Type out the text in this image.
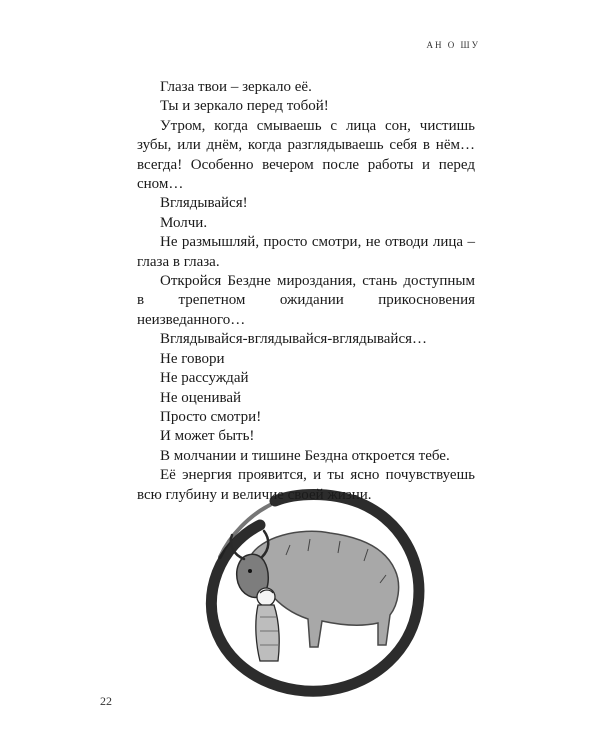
АН О ШУ

Глаза твои – зеркало её.

Ты и зеркало перед тобой!

Утром, когда смываешь с лица сон, чистишь зубы, или днём, когда разглядываешь себя в нём… всегда! Особенно вечером после работы и перед сном…

Вглядывайся!

Молчи.

Не размышляй, просто смотри, не отводи лица – глаза в глаза.

Откройся Бездне мироздания, стань доступным в трепетном ожидании прикосновения неизведанного…

Вглядывайся-вглядывайся-вглядывайся…

Не говори

Не рассуждай

Не оценивай

Просто смотри!

И может быть!

В молчании и тишине Бездна откроется тебе.

Её энергия проявится, и ты ясно почувствуешь всю глубину и величие своей жизни.

22
